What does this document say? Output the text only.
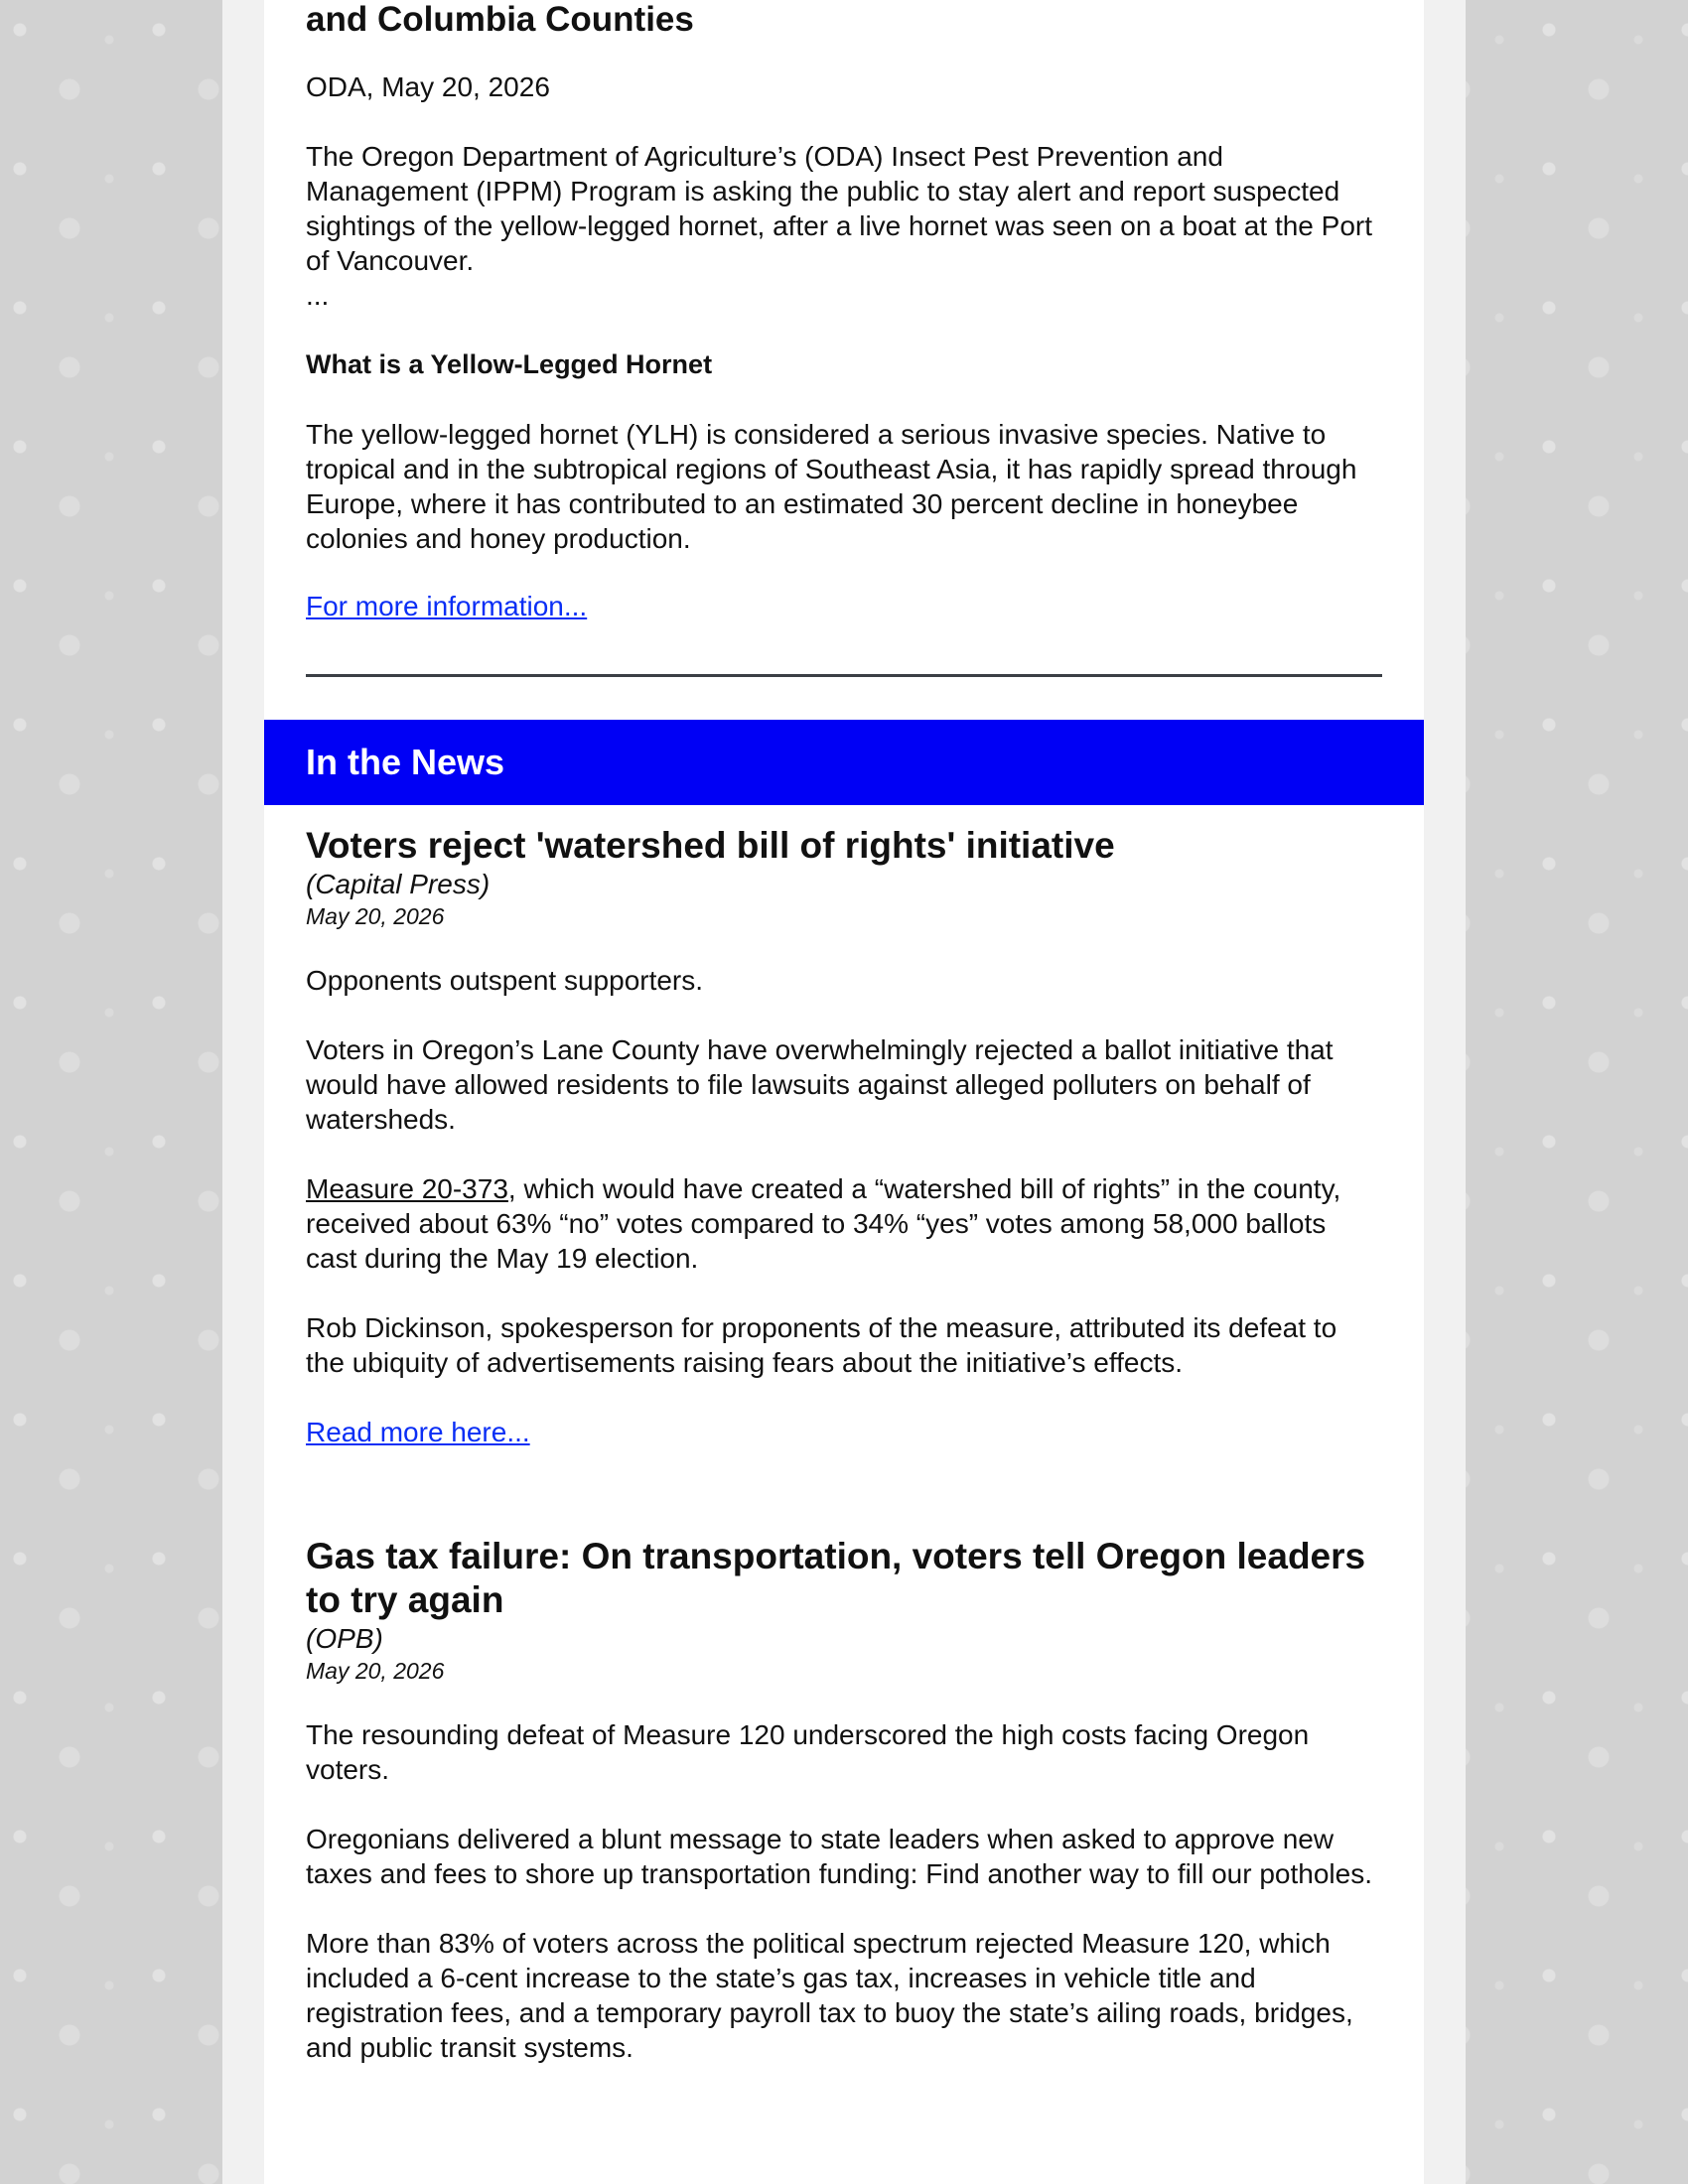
and Columbia Counties

ODA, May 20, 2026

The Oregon Department of Agriculture’s (ODA) Insect Pest Prevention and Management (IPPM) Program is asking the public to stay alert and report suspected sightings of the yellow-legged hornet, after a live hornet was seen on a boat at the Port of Vancouver.

...

What is a Yellow-Legged Hornet

The yellow-legged hornet (YLH) is considered a serious invasive species. Native to tropical and in the subtropical regions of Southeast Asia, it has rapidly spread through Europe, where it has contributed to an estimated 30 percent decline in honeybee colonies and honey production.

For more information...

In the News
Voters reject 'watershed bill of rights' initiative
(Capital Press)
May 20, 2026

Opponents outspent supporters.

Voters in Oregon’s Lane County have overwhelmingly rejected a ballot initiative that would have allowed residents to file lawsuits against alleged polluters on behalf of watersheds.

Measure 20-373, which would have created a “watershed bill of rights” in the county, received about 63% “no” votes compared to 34% “yes” votes among 58,000 ballots cast during the May 19 election.

Rob Dickinson, spokesperson for proponents of the measure, attributed its defeat to the ubiquity of advertisements raising fears about the initiative’s effects.

Read more here...

Gas tax failure: On transportation, voters tell Oregon leaders to try again
(OPB)
May 20, 2026

The resounding defeat of Measure 120 underscored the high costs facing Oregon voters.

Oregonians delivered a blunt message to state leaders when asked to approve new taxes and fees to shore up transportation funding: Find another way to fill our potholes.

More than 83% of voters across the political spectrum rejected Measure 120, which included a 6-cent increase to the state’s gas tax, increases in vehicle title and registration fees, and a temporary payroll tax to buoy the state’s ailing roads, bridges, and public transit systems.
